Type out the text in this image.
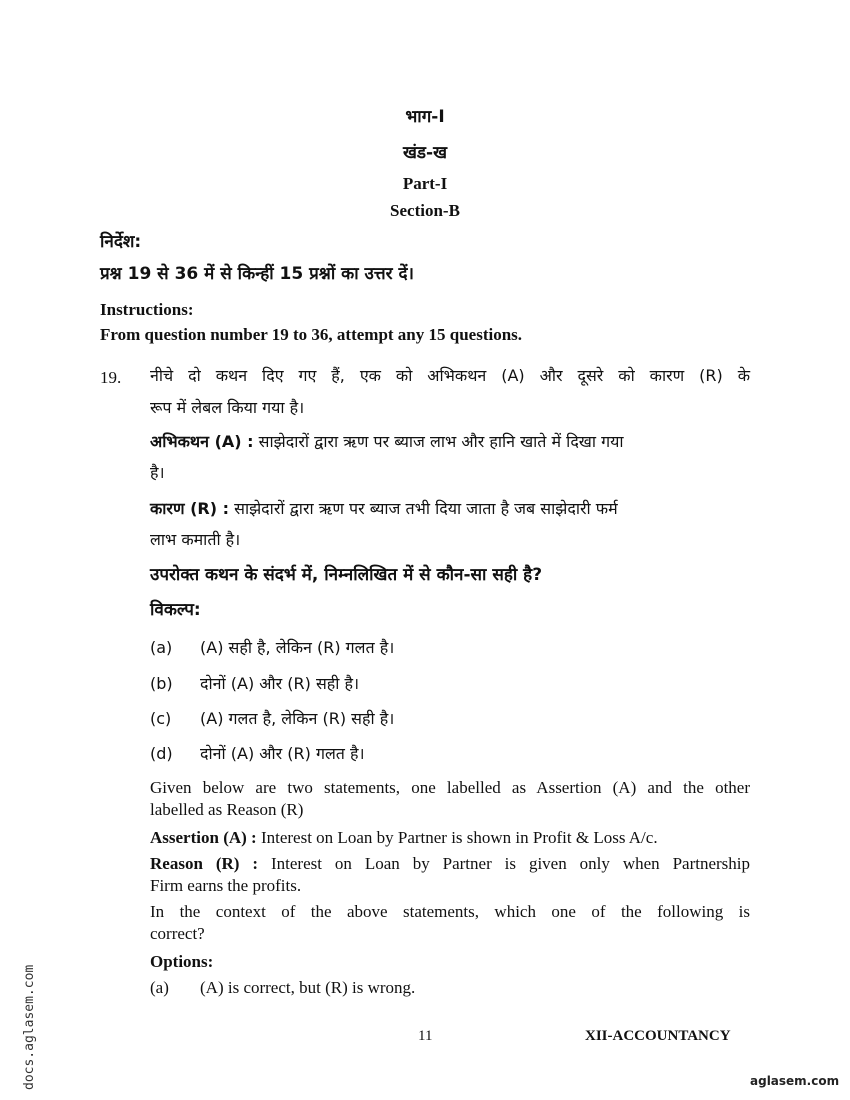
भाग-I
खंड-ख
Part-I
Section-B
निर्देश:
प्रश्न 19 से 36 में से किन्हीं 15 प्रश्नों का उत्तर दें।
Instructions:
From question number 19 to 36, attempt any 15 questions.
19. नीचे दो कथन दिए गए हैं, एक को अभिकथन (A) और दूसरे को कारण (R) के
रूप में लेबल किया गया है।
अभिकथन (A) : साझेदारों द्वारा ऋण पर ब्याज लाभ और हानि खाते में दिखा गया
है।
कारण (R) : साझेदारों द्वारा ऋण पर ब्याज तभी दिया जाता है जब साझेदारी फर्म
लाभ कमाती है।
उपरोक्त कथन के संदर्भ में, निम्नलिखित में से कौन-सा सही है?
विकल्प:
(a) (A) सही है, लेकिन (R) गलत है।
(b) दोनों (A) और (R) सही है।
(c) (A) गलत है, लेकिन (R) सही है।
(d) दोनों (A) और (R) गलत है।
Given below are two statements, one labelled as Assertion (A) and the other
labelled as Reason (R)
Assertion (A) : Interest on Loan by Partner is shown in Profit & Loss A/c.
Reason (R) : Interest on Loan by Partner is given only when Partnership
Firm earns the profits.
In the context of the above statements, which one of the following is
correct?
Options:
(a) (A) is correct, but (R) is wrong.
11	XII-ACCOUNTANCY
docs.aglasem.com	aglasem.com
